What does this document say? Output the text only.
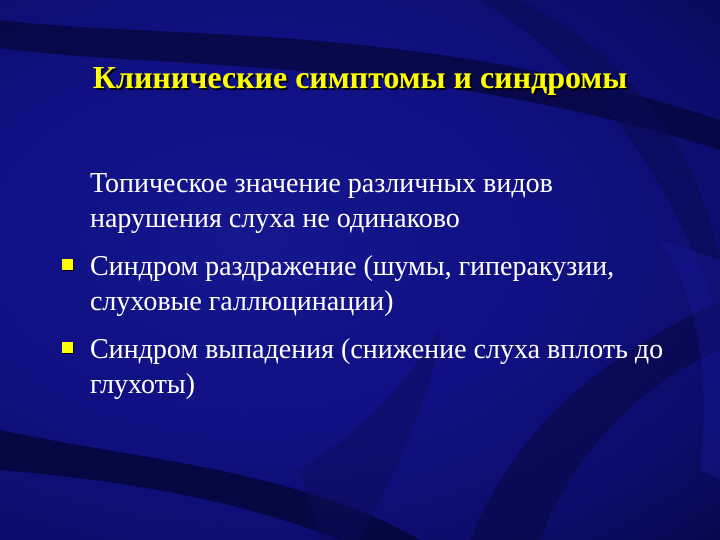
Клинические симптомы и синдромы
Топическое значение различных видов нарушения слуха не одинаково
Синдром раздражение (шумы, гиперакузии, слуховые галлюцинации)
Синдром выпадения (снижение слуха вплоть до глухоты)
